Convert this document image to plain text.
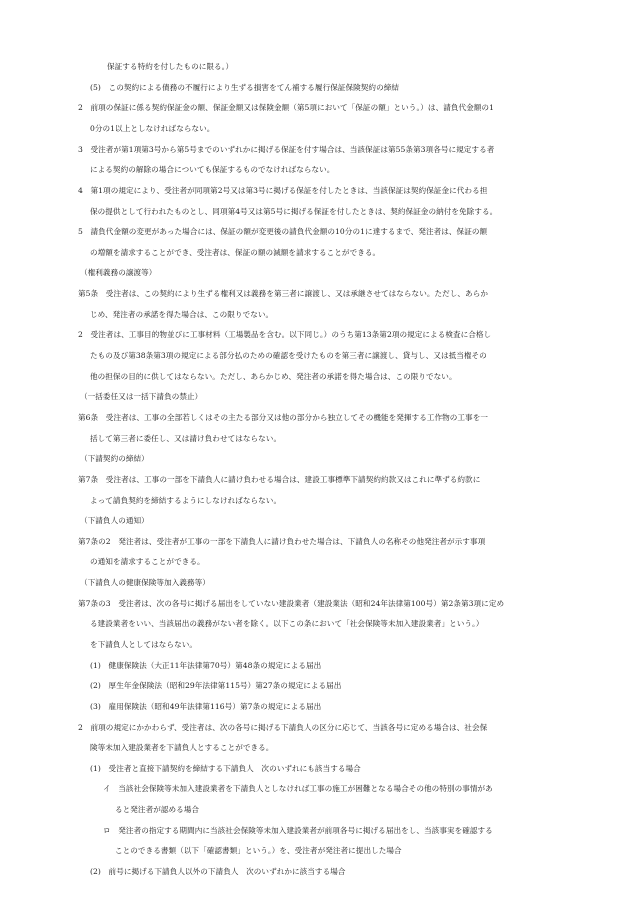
保証する特約を付したものに限る。）
(5)　この契約による債務の不履行により生ずる損害をてん補する履行保証保険契約の締結
2　前項の保証に係る契約保証金の額、保証金額又は保険金額（第5項において「保証の額」という。）は、請負代金額の1
0分の1以上としなければならない。
3　受注者が第1項第3号から第5号までのいずれかに掲げる保証を付す場合は、当該保証は第55条第3項各号に規定する者
による契約の解除の場合についても保証するものでなければならない。
4　第1項の規定により、受注者が同項第2号又は第3号に掲げる保証を付したときは、当該保証は契約保証金に代わる担
保の提供として行われたものとし、同項第4号又は第5号に掲げる保証を付したときは、契約保証金の納付を免除する。
5　請負代金額の変更があった場合には、保証の額が変更後の請負代金額の10分の1に達するまで、発注者は、保証の額
の増額を請求することができ、受注者は、保証の額の減額を請求することができる。
（権利義務の譲渡等）
第5条　受注者は、この契約により生ずる権利又は義務を第三者に譲渡し、又は承継させてはならない。ただし、あらか
じめ、発注者の承諾を得た場合は、この限りでない。
2　受注者は、工事目的物並びに工事材料（工場製品を含む。以下同じ。）のうち第13条第2項の規定による検査に合格し
たもの及び第38条第3項の規定による部分払のための確認を受けたものを第三者に譲渡し、貸与し、又は抵当権その
他の担保の目的に供してはならない。ただし、あらかじめ、発注者の承諾を得た場合は、この限りでない。
（一括委任又は一括下請負の禁止）
第6条　受注者は、工事の全部若しくはその主たる部分又は他の部分から独立してその機能を発揮する工作物の工事を一
括して第三者に委任し、又は請け負わせてはならない。
（下請契約の締結）
第7条　受注者は、工事の一部を下請負人に請け負わせる場合は、建設工事標準下請契約約款又はこれに準ずる約款に
よって請負契約を締結するようにしなければならない。
（下請負人の通知）
第7条の2　発注者は、受注者が工事の一部を下請負人に請け負わせた場合は、下請負人の名称その他発注者が示す事項
の通知を請求することができる。
（下請負人の健康保険等加入義務等）
第7条の3　受注者は、次の各号に掲げる届出をしていない建設業者（建設業法（昭和24年法律第100号）第2条第3項に定め
る建設業者をいい、当該届出の義務がない者を除く。以下この条において「社会保険等未加入建設業者」という。）
を下請負人としてはならない。
(1)　健康保険法（大正11年法律第70号）第48条の規定による届出
(2)　厚生年金保険法（昭和29年法律第115号）第27条の規定による届出
(3)　雇用保険法（昭和49年法律第116号）第7条の規定による届出
2　前項の規定にかかわらず、受注者は、次の各号に掲げる下請負人の区分に応じて、当該各号に定める場合は、社会保
険等未加入建設業者を下請負人とすることができる。
(1)　受注者と直接下請契約を締結する下請負人　次のいずれにも該当する場合
イ　当該社会保険等未加入建設業者を下請負人としなければ工事の施工が困難となる場合その他の特別の事情があ
ると発注者が認める場合
ロ　発注者の指定する期間内に当該社会保険等未加入建設業者が前項各号に掲げる届出をし、当該事実を確認する
ことのできる書類（以下「確認書類」という。）を、受注者が発注者に提出した場合
(2)　前号に掲げる下請負人以外の下請負人　次のいずれかに該当する場合
